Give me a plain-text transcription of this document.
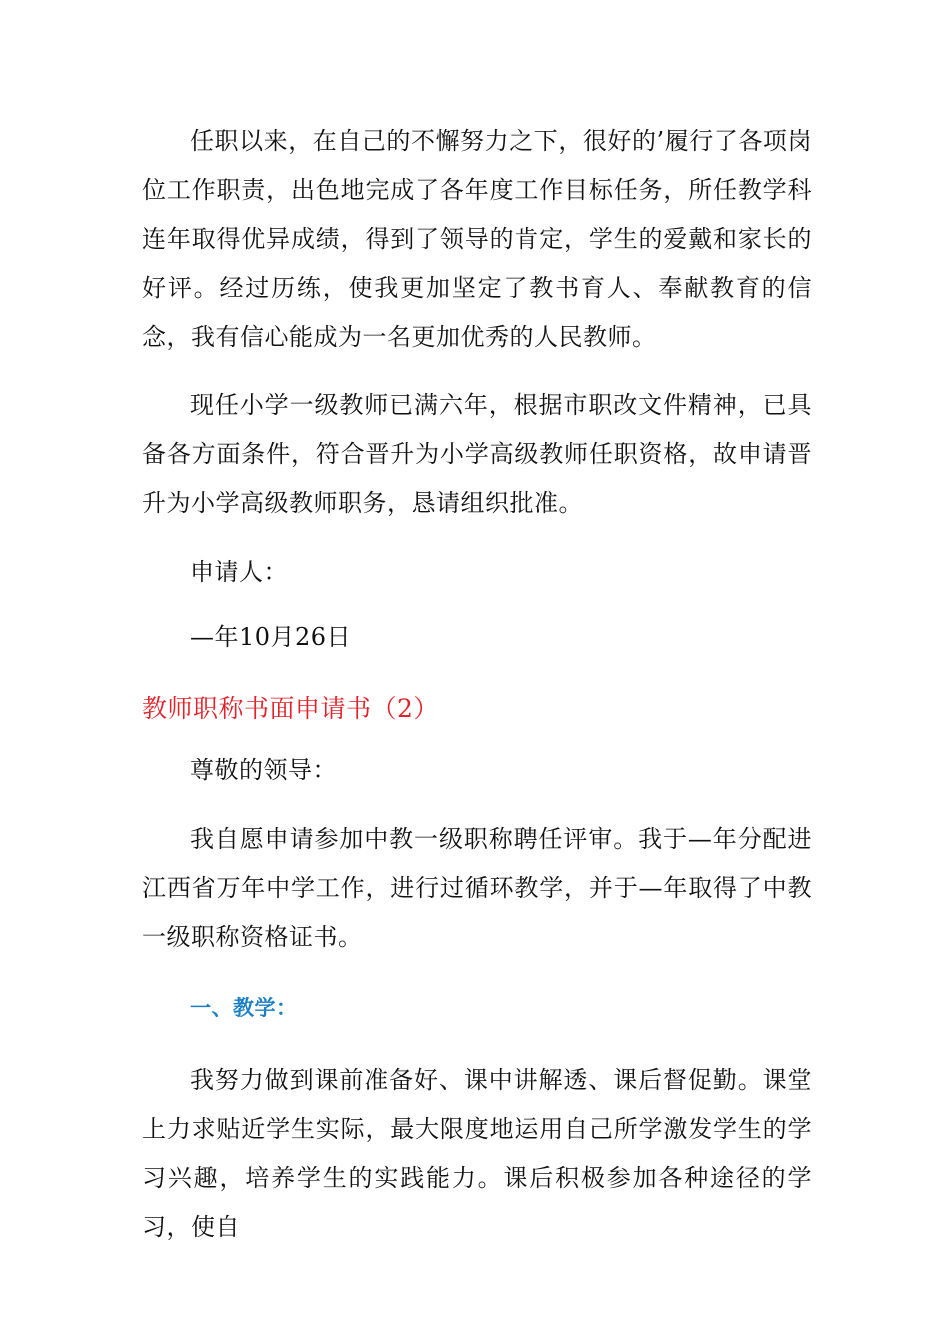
任职以来，在自己的不懈努力之下，很好的’履行了各项岗位工作职责，出色地完成了各年度工作目标任务，所任教学科连年取得优异成绩，得到了领导的肯定，学生的爱戴和家长的好评。经过历练，使我更加坚定了教书育人、奉献教育的信念，我有信心能成为一名更加优秀的人民教师。

现任小学一级教师已满六年，根据市职改文件精神，已具备各方面条件，符合晋升为小学高级教师任职资格，故申请晋升为小学高级教师职务，恳请组织批准。

申请人：

—年10月26日

教师职称书面申请书（2）

尊敬的领导：

我自愿申请参加中教一级职称聘任评审。我于—年分配进江西省万年中学工作，进行过循环教学，并于—年取得了中教一级职称资格证书。

一、教学：

我努力做到课前准备好、课中讲解透、课后督促勤。课堂上力求贴近学生实际，最大限度地运用自己所学激发学生的学习兴趣，培养学生的实践能力。课后积极参加各种途径的学习，使自
